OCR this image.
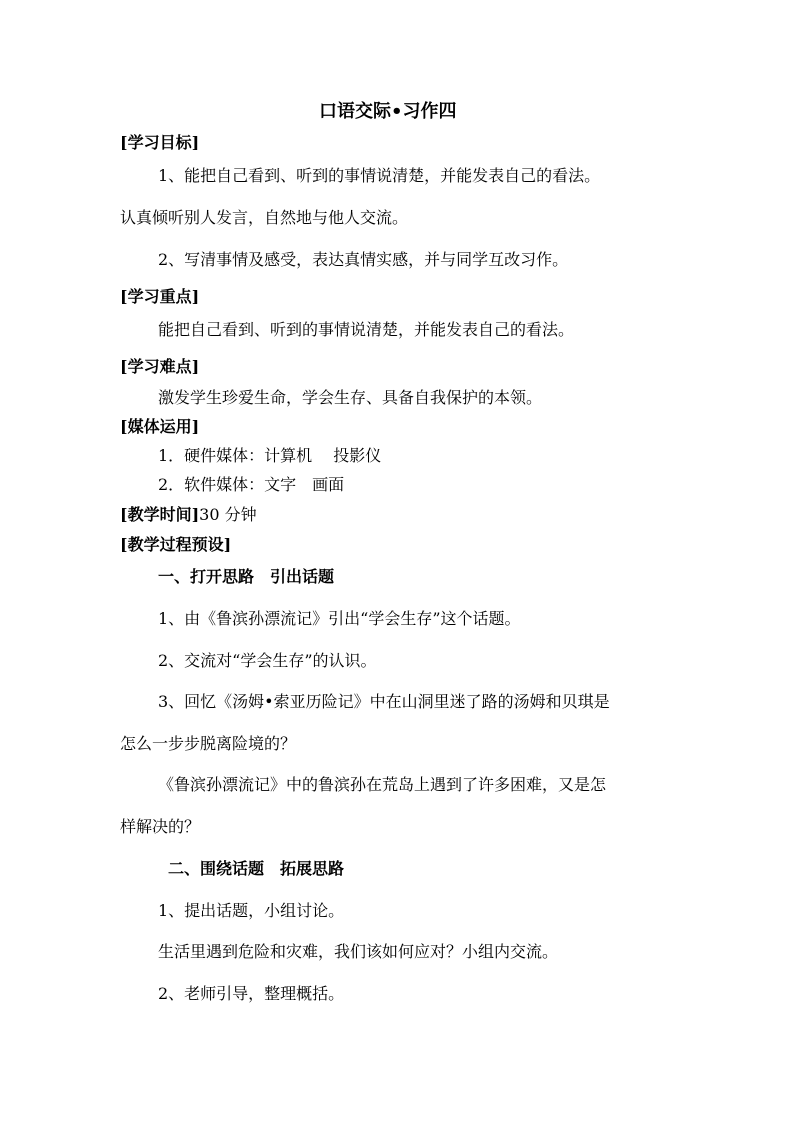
口语交际•习作四
[学习目标]
1、能把自己看到、听到的事情说清楚，并能发表自己的看法。
认真倾听别人发言，自然地与他人交流。
2、写清事情及感受，表达真情实感，并与同学互改习作。
[学习重点]
能把自己看到、听到的事情说清楚，并能发表自己的看法。
[学习难点]
激发学生珍爱生命，学会生存、具备自我保护的本领。
[媒体运用]
1．硬件媒体：计算机　 投影仪
2．软件媒体：文字　画面
[教学时间]30 分钟
[教学过程预设]
一、打开思路　引出话题
1、由《鲁滨孙漂流记》引出“学会生存”这个话题。
2、交流对“学会生存”的认识。
3、回忆《汤姆•索亚历险记》中在山洞里迷了路的汤姆和贝琪是
怎么一步步脱离险境的？
《鲁滨孙漂流记》中的鲁滨孙在荒岛上遇到了许多困难，又是怎
样解决的？
二、围绕话题　拓展思路
1、提出话题，小组讨论。
生活里遇到危险和灾难，我们该如何应对？小组内交流。
2、老师引导，整理概括。
